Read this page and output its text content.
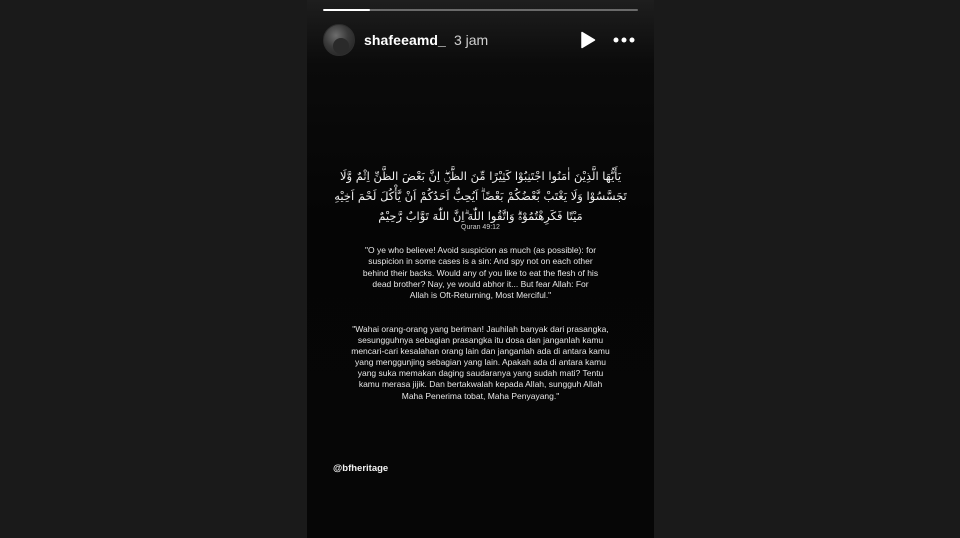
shafeeamd_ 3 jam
يَأَيُّهَا الَّذِيْنَ اٰمَنُوا اجْتَنِبُوْا كَثِيْرًا مِّنَ الظَّنِّۖ اِنَّ بَعْضَ الظَّنِّ اِثْمٌ وَّلَا تَجَسَّسُوْا وَلَا يَغْتَبْ بَّعْضُكُمْ بَعْضًاۗ اَيُحِبُّ اَحَدُكُمْ اَنْ يَّأْكُلَ لَحْمَ اَخِيْهِ مَيْتًا فَكَرِهْتُمُوْهُۗ وَاتَّقُوا اللّٰهَ ۗاِنَّ اللّٰهَ تَوَّابٌ رَّحِيْمٌ
Quran 49:12
"O ye who believe! Avoid suspicion as much (as possible): for suspicion in some cases is a sin: And spy not on each other behind their backs. Would any of you like to eat the flesh of his dead brother? Nay, ye would abhor it... But fear Allah: For Allah is Oft-Returning, Most Merciful."
"Wahai orang-orang yang beriman! Jauhilah banyak dari prasangka, sesungguhnya sebagian prasangka itu dosa dan janganlah kamu mencari-cari kesalahan orang lain dan janganlah ada di antara kamu yang menggunjing sebagian yang lain. Apakah ada di antara kamu yang suka memakan daging saudaranya yang sudah mati? Tentu kamu merasa jijik. Dan bertakwalah kepada Allah, sungguh Allah Maha Penerima tobat, Maha Penyayang."
@bfheritage
